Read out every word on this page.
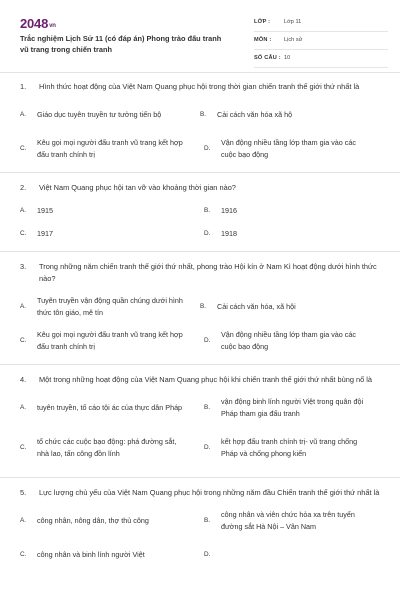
2048vn
Trắc nghiệm Lịch Sử 11 (có đáp án) Phong trào đấu tranh vũ trang trong chiến tranh
LỚP : Lớp 11
MÔN : Lịch sử
SỐ CÂU : 10
1. Hình thức hoạt động của Việt Nam Quang phục hội trong thời gian chiến tranh thế giới thứ nhất là
A.	Giáo dục tuyên truyền tư tưởng tiến bộ	B.	Cải cách văn hóa xã hộ
C.
Kêu gọi mọi người đấu tranh vũ trang kết hợp đấu tranh chính trị
D.
Vận động nhiều tầng lớp tham gia vào các cuộc bạo động
2. Việt Nam Quang phục hội tan vỡ vào khoảng thời gian nào?
A.	1915	B.	1916
C.	1917	D.	1918
3. Trong những năm chiến tranh thế giới thứ nhất, phong trào Hội kín ở Nam Kì hoạt động dưới hình thức nào?
A.
Tuyên truyền vận động quần chúng dưới hình thức tôn giáo, mê tín
B.	Cải cách văn hóa, xã hội
C.
Kêu gọi mọi người đấu tranh vũ trang kết hợp đấu tranh chính trị
D.
Vận động nhiều tầng lớp tham gia vào các cuộc bạo động
4. Một trong những hoạt động của Việt Nam Quang phục hội khi chiến tranh thế giới thứ nhất bùng nổ là
A.	tuyên truyền, tố cáo tội ác của thực dân Pháp	B.
vận động binh lính người Việt trong quân đội Pháp tham gia đấu tranh
C.
tổ chức các cuộc bạo động: phá đường sắt, nhà lao, tấn công đồn lính
D.
kết hợp đấu tranh chính trị- vũ trang chống Pháp và chống phong kiến
5. Lực lượng chủ yếu của Việt Nam Quang phục hội trong những năm đầu Chiến tranh thế giới thứ nhất là
A.	công nhân, nông dân, thợ thủ công	B.
công nhân và viên chức hỏa xa trên tuyến đường sắt Hà Nội – Vân Nam
C.	công nhân và binh lính người Việt	D.
